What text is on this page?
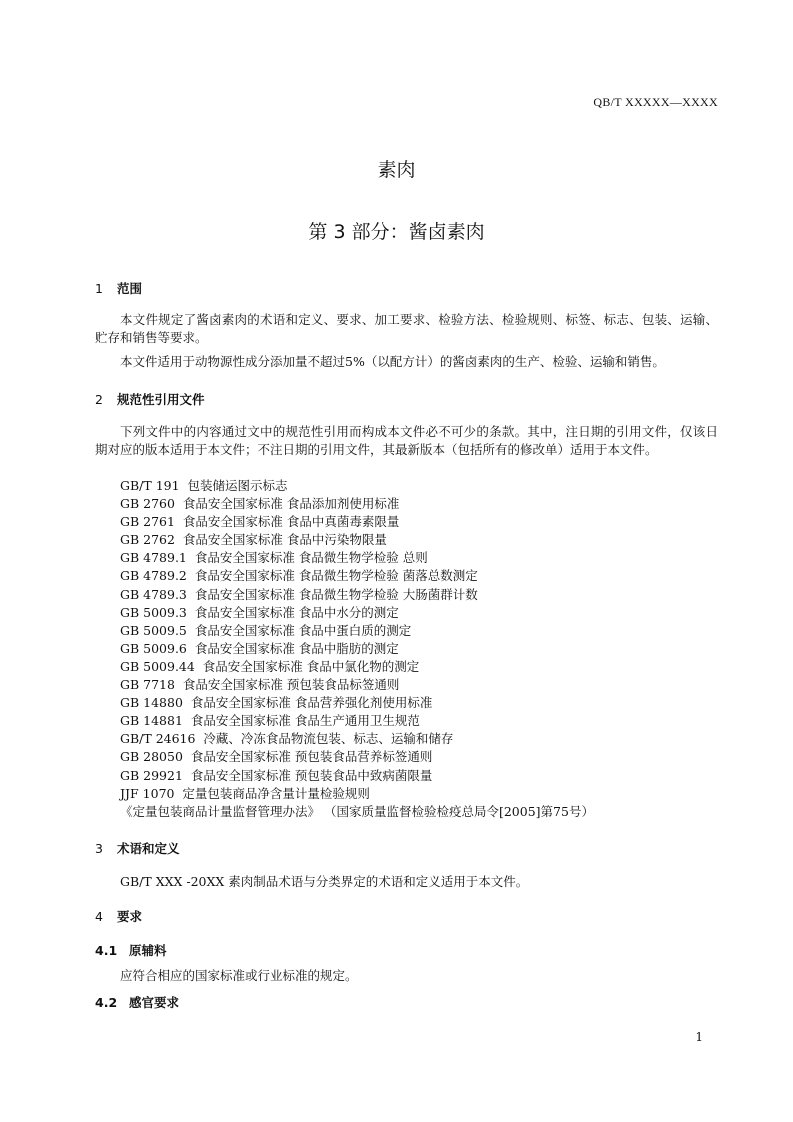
QB/T XXXXX—XXXX
素肉
第 3 部分：酱卤素肉
1 范围
本文件规定了酱卤素肉的术语和定义、要求、加工要求、检验方法、检验规则、标签、标志、包装、运输、贮存和销售等要求。
本文件适用于动物源性成分添加量不超过5%（以配方计）的酱卤素肉的生产、检验、运输和销售。
2 规范性引用文件
下列文件中的内容通过文中的规范性引用而构成本文件必不可少的条款。其中，注日期的引用文件，仅该日期对应的版本适用于本文件；不注日期的引用文件，其最新版本（包括所有的修改单）适用于本文件。
GB/T 191  包装储运图示标志
GB 2760  食品安全国家标准 食品添加剂使用标准
GB 2761  食品安全国家标准 食品中真菌毒素限量
GB 2762  食品安全国家标准 食品中污染物限量
GB 4789.1  食品安全国家标准 食品微生物学检验 总则
GB 4789.2  食品安全国家标准 食品微生物学检验 菌落总数测定
GB 4789.3  食品安全国家标准 食品微生物学检验 大肠菌群计数
GB 5009.3  食品安全国家标准 食品中水分的测定
GB 5009.5  食品安全国家标准 食品中蛋白质的测定
GB 5009.6  食品安全国家标准 食品中脂肪的测定
GB 5009.44  食品安全国家标准 食品中氯化物的测定
GB 7718  食品安全国家标准 预包装食品标签通则
GB 14880  食品安全国家标准 食品营养强化剂使用标准
GB 14881  食品安全国家标准 食品生产通用卫生规范
GB/T 24616  冷藏、冷冻食品物流包装、标志、运输和储存
GB 28050  食品安全国家标准 预包装食品营养标签通则
GB 29921  食品安全国家标准 预包装食品中致病菌限量
JJF 1070  定量包装商品净含量计量检验规则
《定量包装商品计量监督管理办法》 （国家质量监督检验检疫总局令[2005]第75号）
3 术语和定义
GB/T XXX -20XX 素肉制品术语与分类界定的术语和定义适用于本文件。
4 要求
4.1 原辅料
应符合相应的国家标准或行业标准的规定。
4.2 感官要求
1
